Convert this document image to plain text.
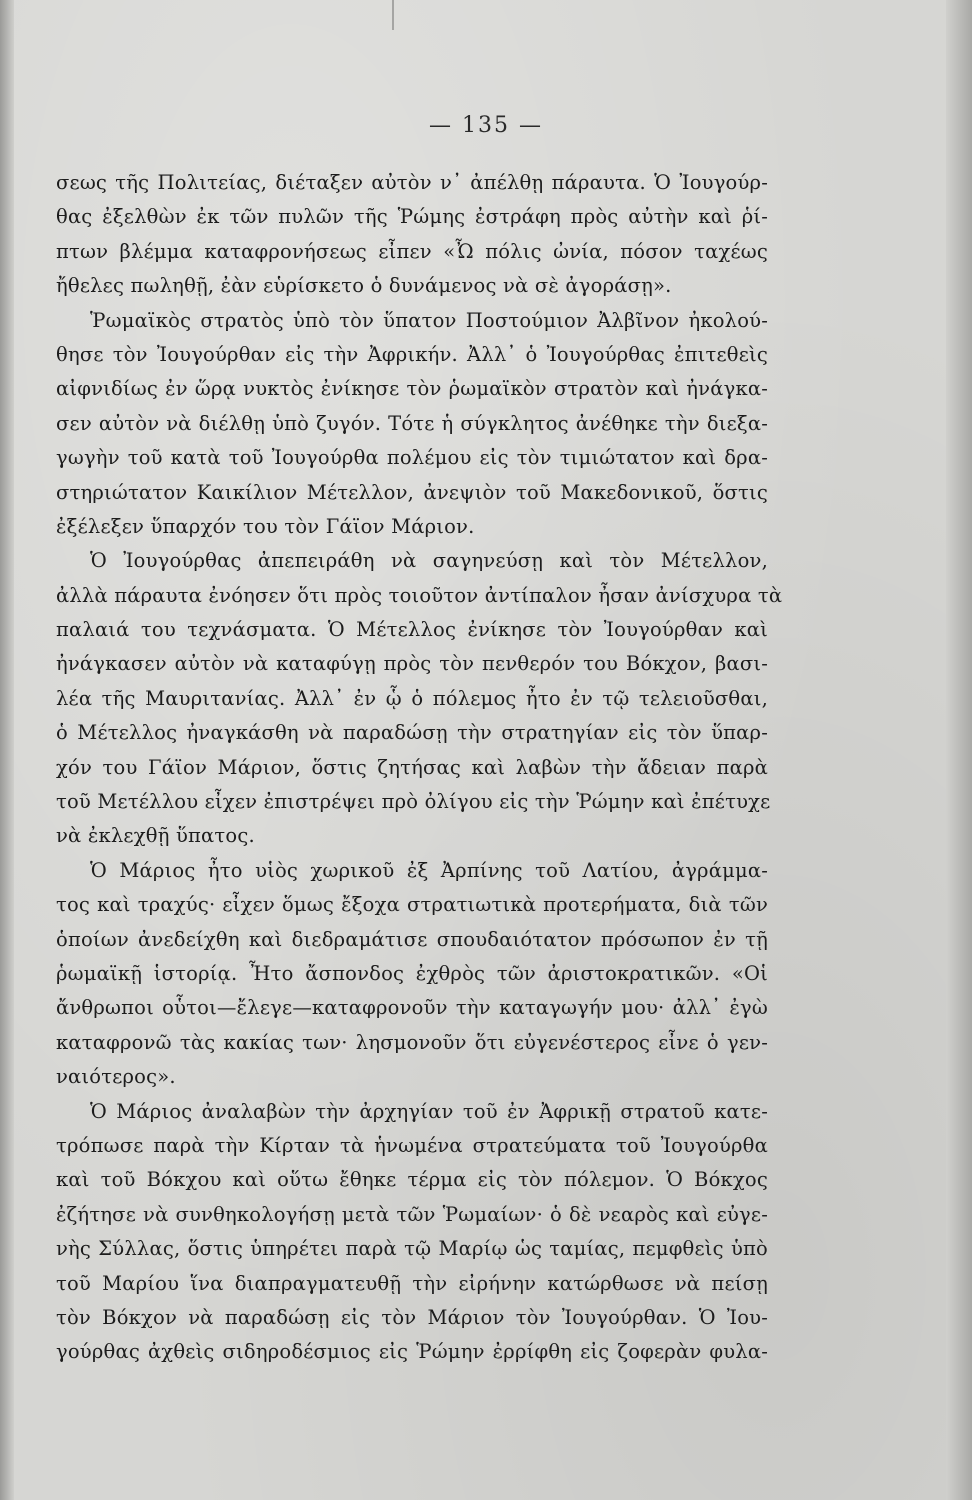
— 135 —
σεως τῆς Πολιτείας, διέταξεν αὐτὸν ν᾽ ἀπέλθῃ πάραυτα. Ὁ Ἰουγούρ-
θας ἐξελθὼν ἐκ τῶν πυλῶν τῆς Ῥώμης ἐστράφη πρὸς αὐτὴν καὶ ῥί-
πτων βλέμμα καταφρονήσεως εἶπεν «Ὦ πόλις ὠνία, πόσον ταχέως
ἤθελες πωληθῇ, ἐὰν εὑρίσκετο ὁ δυνάμενος νὰ σὲ ἀγοράσῃ».
Ῥωμαϊκὸς στρατὸς ὑπὸ τὸν ὕπατον Ποστούμιον Ἀλβῖνον ἠκολού-
θησε τὸν Ἰουγούρθαν εἰς τὴν Ἀφρικήν. Ἀλλ᾽ ὁ Ἰουγούρθας ἐπιτεθεὶς
αἰφνιδίως ἐν ὥρᾳ νυκτὸς ἐνίκησε τὸν ῥωμαϊκὸν στρατὸν καὶ ἠνάγκα-
σεν αὐτὸν νὰ διέλθῃ ὑπὸ ζυγόν. Τότε ἡ σύγκλητος ἀνέθηκε τὴν διεξα-
γωγὴν τοῦ κατὰ τοῦ Ἰουγούρθα πολέμου εἰς τὸν τιμιώτατον καὶ δρα-
στηριώτατον Καικίλιον Μέτελλον, ἀνεψιὸν τοῦ Μακεδονικοῦ, ὅστις
ἐξέλεξεν ὕπαρχόν του τὸν Γάϊον Μάριον.
Ὁ Ἰουγούρθας ἀπεπειράθη νὰ σαγηνεύσῃ καὶ τὸν Μέτελλον,
ἀλλὰ πάραυτα ἐνόησεν ὅτι πρὸς τοιοῦτον ἀντίπαλον ἦσαν ἀνίσχυρα τὰ
παλαιά του τεχνάσματα. Ὁ Μέτελλος ἐνίκησε τὸν Ἰουγούρθαν καὶ
ἠνάγκασεν αὐτὸν νὰ καταφύγῃ πρὸς τὸν πενθερόν του Βόκχον, βασι-
λέα τῆς Μαυριτανίας. Ἀλλ᾽ ἐν ᾧ ὁ πόλεμος ἦτο ἐν τῷ τελειοῦσθαι,
ὁ Μέτελλος ἠναγκάσθη νὰ παραδώσῃ τὴν στρατηγίαν εἰς τὸν ὕπαρ-
χόν του Γάϊον Μάριον, ὅστις ζητήσας καὶ λαβὼν τὴν ἄδειαν παρὰ
τοῦ Μετέλλου εἶχεν ἐπιστρέψει πρὸ ὀλίγου εἰς τὴν Ῥώμην καὶ ἐπέτυχε
νὰ ἐκλεχθῇ ὕπατος.
Ὁ Μάριος ἦτο υἱὸς χωρικοῦ ἐξ Ἀρπίνης τοῦ Λατίου, ἀγράμμα-
τος καὶ τραχύς· εἶχεν ὅμως ἔξοχα στρατιωτικὰ προτερήματα, διὰ τῶν
ὁποίων ἀνεδείχθη καὶ διεδραμάτισε σπουδαιότατον πρόσωπον ἐν τῇ
ῥωμαϊκῇ ἱστορίᾳ. Ἦτο ἄσπονδος ἐχθρὸς τῶν ἀριστοκρατικῶν. «Οἱ
ἄνθρωποι οὗτοι—ἔλεγε—καταφρονοῦν τὴν καταγωγήν μου· ἀλλ᾽ ἐγὼ
καταφρονῶ τὰς κακίας των· λησμονοῦν ὅτι εὐγενέστερος εἶνε ὁ γεν-
ναιότερος».
Ὁ Μάριος ἀναλαβὼν τὴν ἀρχηγίαν τοῦ ἐν Ἀφρικῇ στρατοῦ κατε-
τρόπωσε παρὰ τὴν Κίρταν τὰ ἡνωμένα στρατεύματα τοῦ Ἰουγούρθα
καὶ τοῦ Βόκχου καὶ οὕτω ἔθηκε τέρμα εἰς τὸν πόλεμον. Ὁ Βόκχος
ἐζήτησε νὰ συνθηκολογήσῃ μετὰ τῶν Ῥωμαίων· ὁ δὲ νεαρὸς καὶ εὐγε-
νὴς Σύλλας, ὅστις ὑπηρέτει παρὰ τῷ Μαρίῳ ὡς ταμίας, πεμφθεὶς ὑπὸ
τοῦ Μαρίου ἵνα διαπραγματευθῇ τὴν εἰρήνην κατώρθωσε νὰ πείσῃ
τὸν Βόκχον νὰ παραδώσῃ εἰς τὸν Μάριον τὸν Ἰουγούρθαν. Ὁ Ἰου-
γούρθας ἀχθεὶς σιδηροδέσμιος εἰς Ῥώμην ἐρρίφθη εἰς ζοφερὰν φυλα-
